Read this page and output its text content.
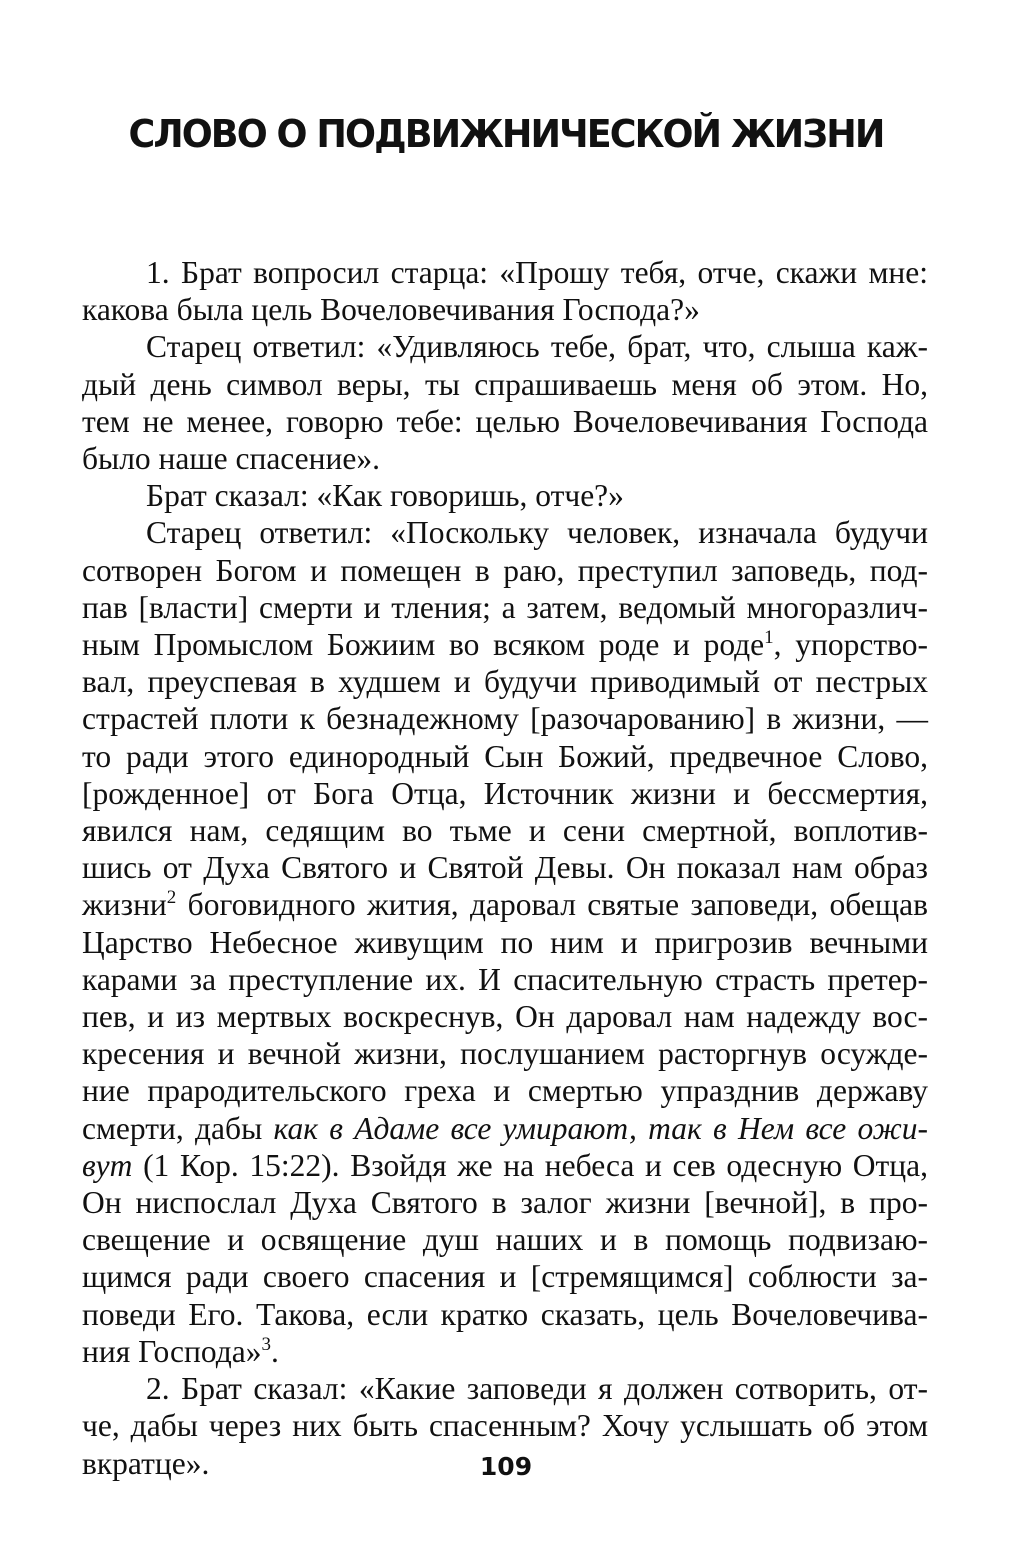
СЛОВО О ПОДВИЖНИЧЕСКОЙ ЖИЗНИ
1. Брат вопросил старца: «Прошу тебя, отче, скажи мне:
какова была цель Вочеловечивания Господа?»
Старец ответил: «Удивляюсь тебе, брат, что, слыша каж-
дый день символ веры, ты спрашиваешь меня об этом. Но,
тем не менее, говорю тебе: целью Вочеловечивания Господа
было наше спасение».
Брат сказал: «Как говоришь, отче?»
Старец ответил: «Поскольку человек, изначала будучи
сотворен Богом и помещен в раю, преступил заповедь, под-
пав [власти] смерти и тления; а затем, ведомый многоразлич-
ным Промыслом Божиим во всяком роде и роде$^1$, упорство-
вал, преуспевая в худшем и будучи приводимый от пестрых
страстей плоти к безнадежному [разочарованию] в жизни, —
то ради этого единородный Сын Божий, предвечное Слово,
[рожденное] от Бога Отца, Источник жизни и бессмертия,
явился нам, седящим во тьме и сени смертной, воплотив-
шись от Духа Святого и Святой Девы. Он показал нам образ
жизни$^2$ боговидного жития, даровал святые заповеди, обещав
Царство Небесное живущим по ним и пригрозив вечными
карами за преступление их. И спасительную страсть претер-
пев, и из мертвых воскреснув, Он даровал нам надежду вос-
кресения и вечной жизни, послушанием расторгнув осужде-
ние прародительского греха и смертью упразднив державу
смерти, дабы как в Адаме все умирают, так в Нем все ожи-
вут (1 Кор. 15:22). Взойдя же на небеса и сев одесную Отца,
Он ниспослал Духа Святого в залог жизни [вечной], в про-
свещение и освящение душ наших и в помощь подвизаю-
щимся ради своего спасения и [стремящимся] соблюсти за-
поведи Его. Такова, если кратко сказать, цель Вочеловечива-
ния Господа»$^3$.
2. Брат сказал: «Какие заповеди я должен сотворить, от-
че, дабы через них быть спасенным? Хочу услышать об этом
вкратце».	109
